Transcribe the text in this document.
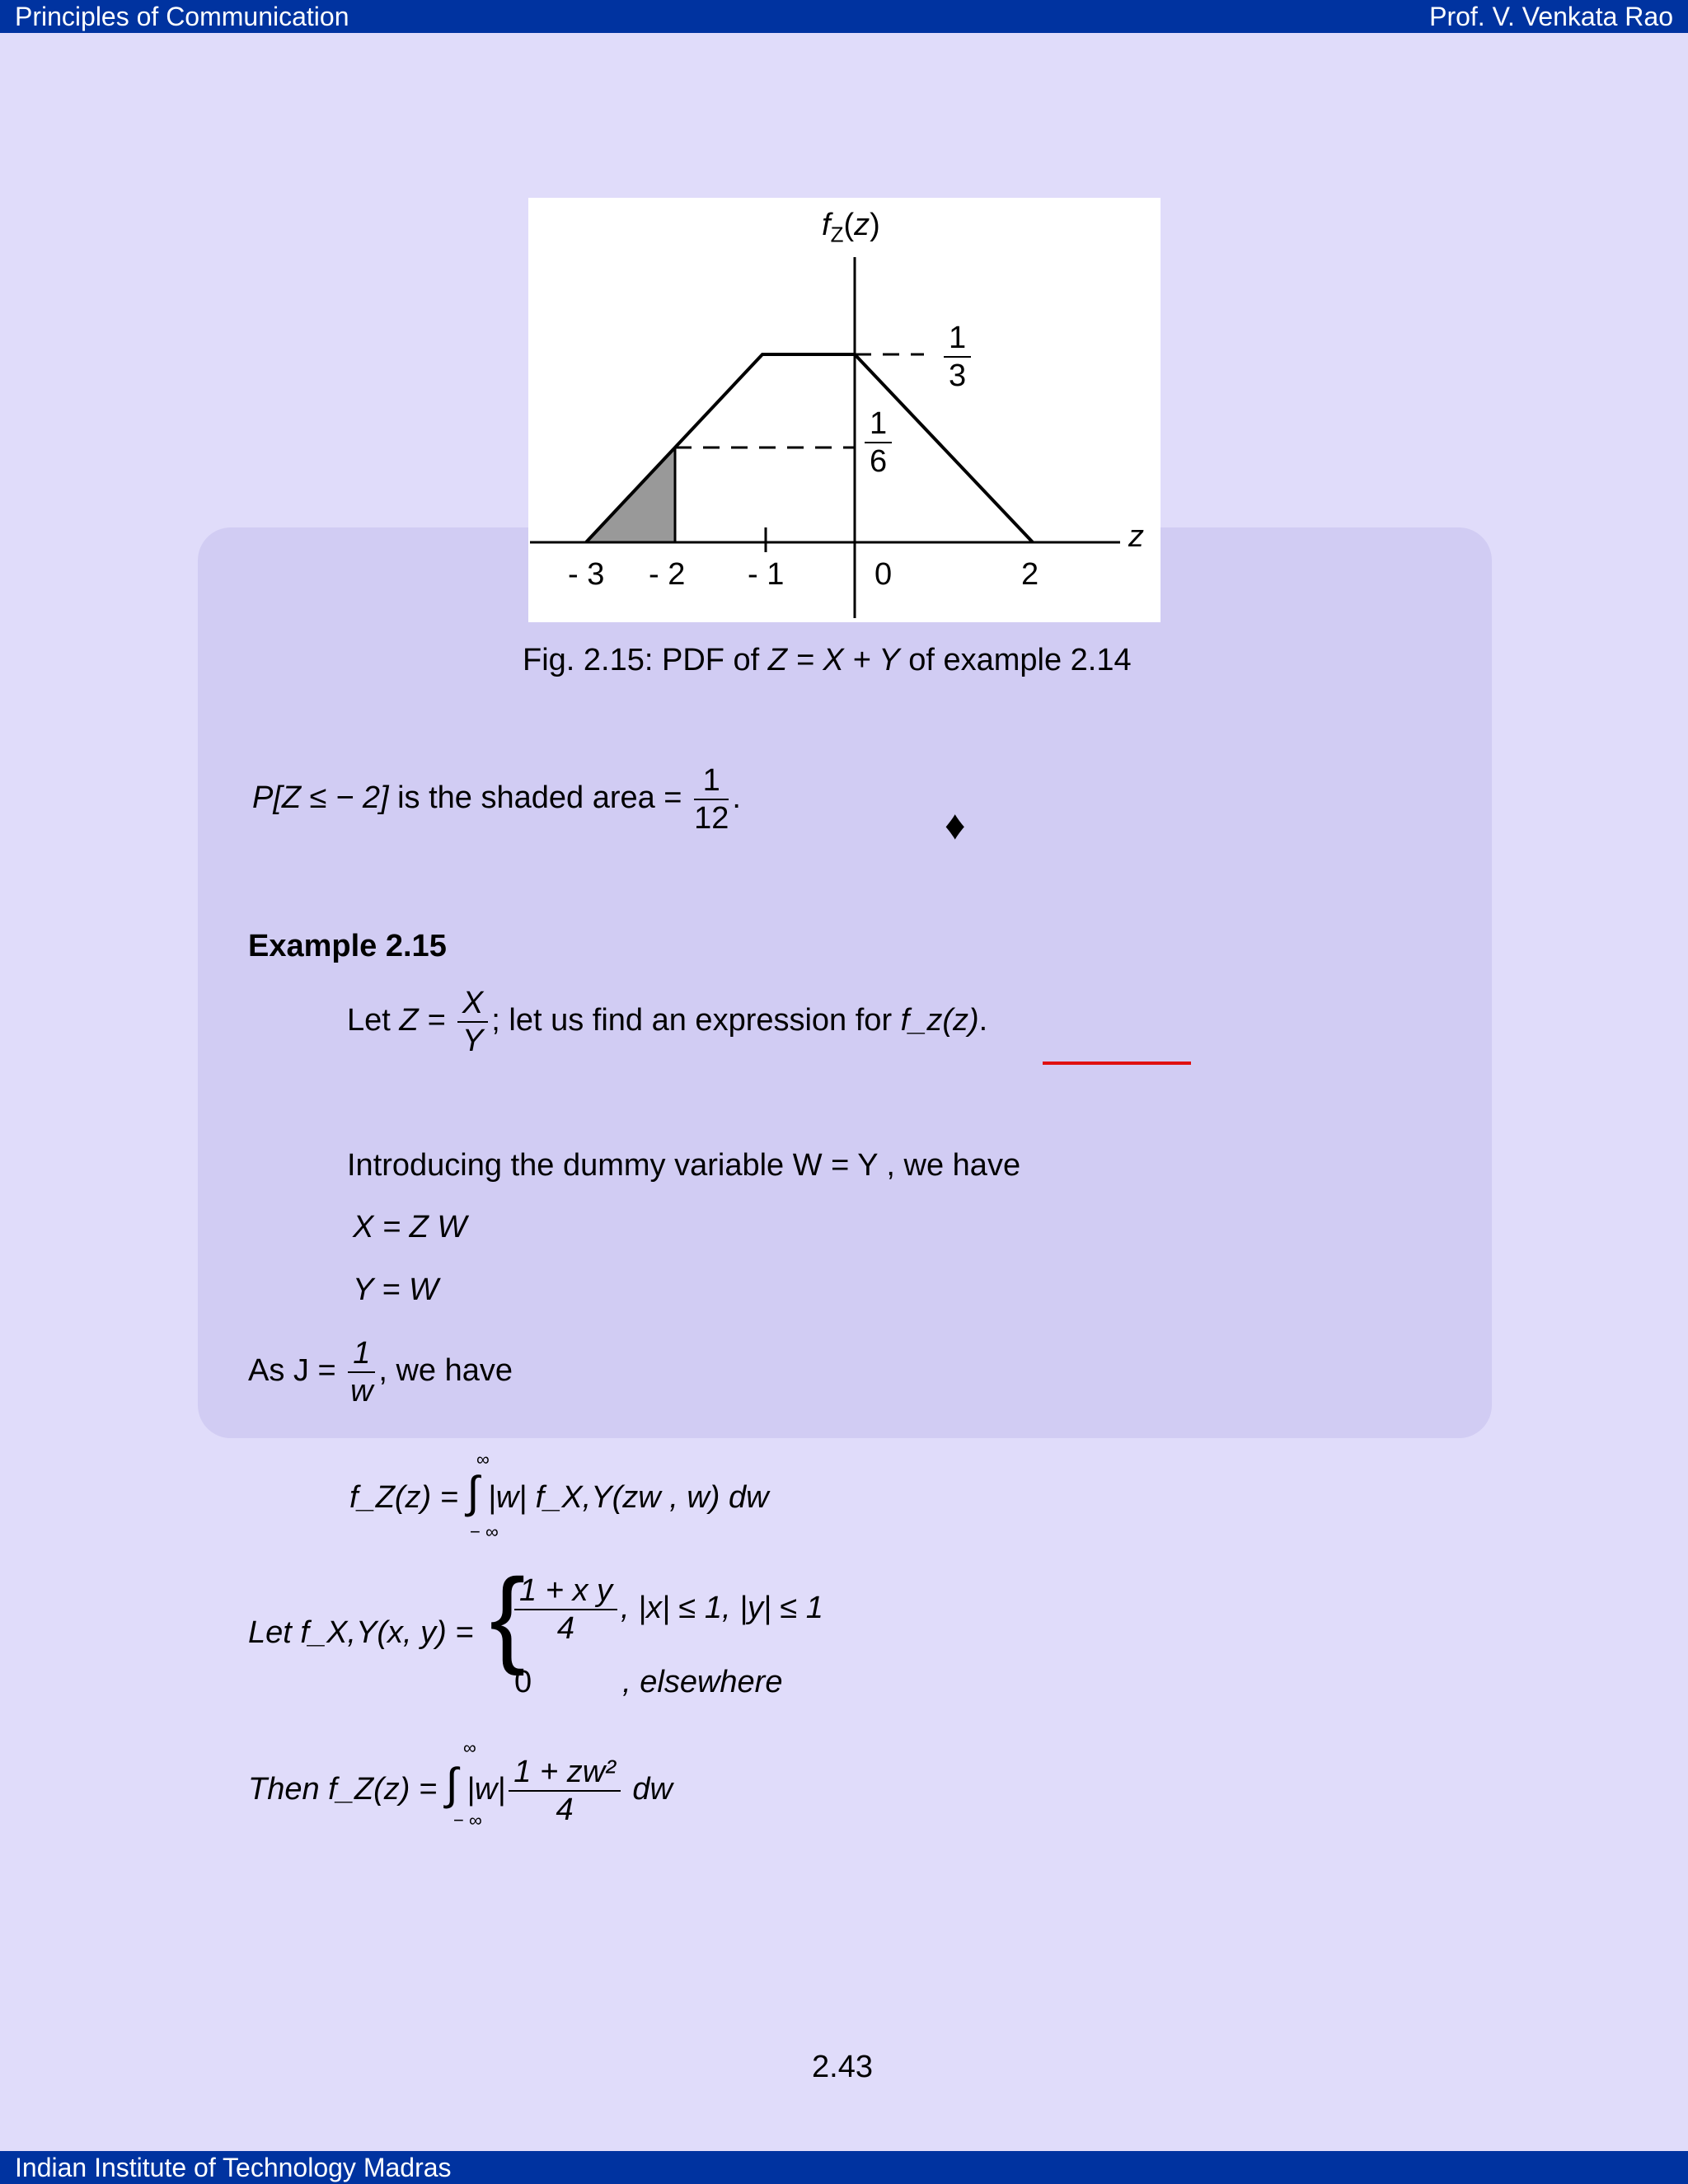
Principles of Communication	Prof. V. Venkata Rao
$f_Z(z)$
z
- 3 - 2 - 1	0	2
$\frac{1}{3}$
$\frac{1}{6}$
Fig. 2.15: PDF of Z = X + Y of example 2.14
P[Z ≤ − 2] is the shaded area = $\frac{1}{12}$ .
♦
Example 2.15
Let $Z = \frac{X}{Y}$ ; let us find an expression for f_z(z).
Introducing the dummy variable W = Y , we have
X = Z W
Y = W
As $J = \frac{1}{w}$ , we have
f_Z(z) = ∫ |w| f_X,Y(zw , w) dw
∞
− ∞
Let f_X,Y(x, y) = {
$\frac{\text{1 + x y}}{4}$ , |x| ≤ 1, |y| ≤ 1
0	, elsewhere
Then f_Z(z) = ∫ $|w| \frac{\text{1 + zw²}}{4}$ dw
∞
− ∞
2.43
Indian Institute of Technology Madras
